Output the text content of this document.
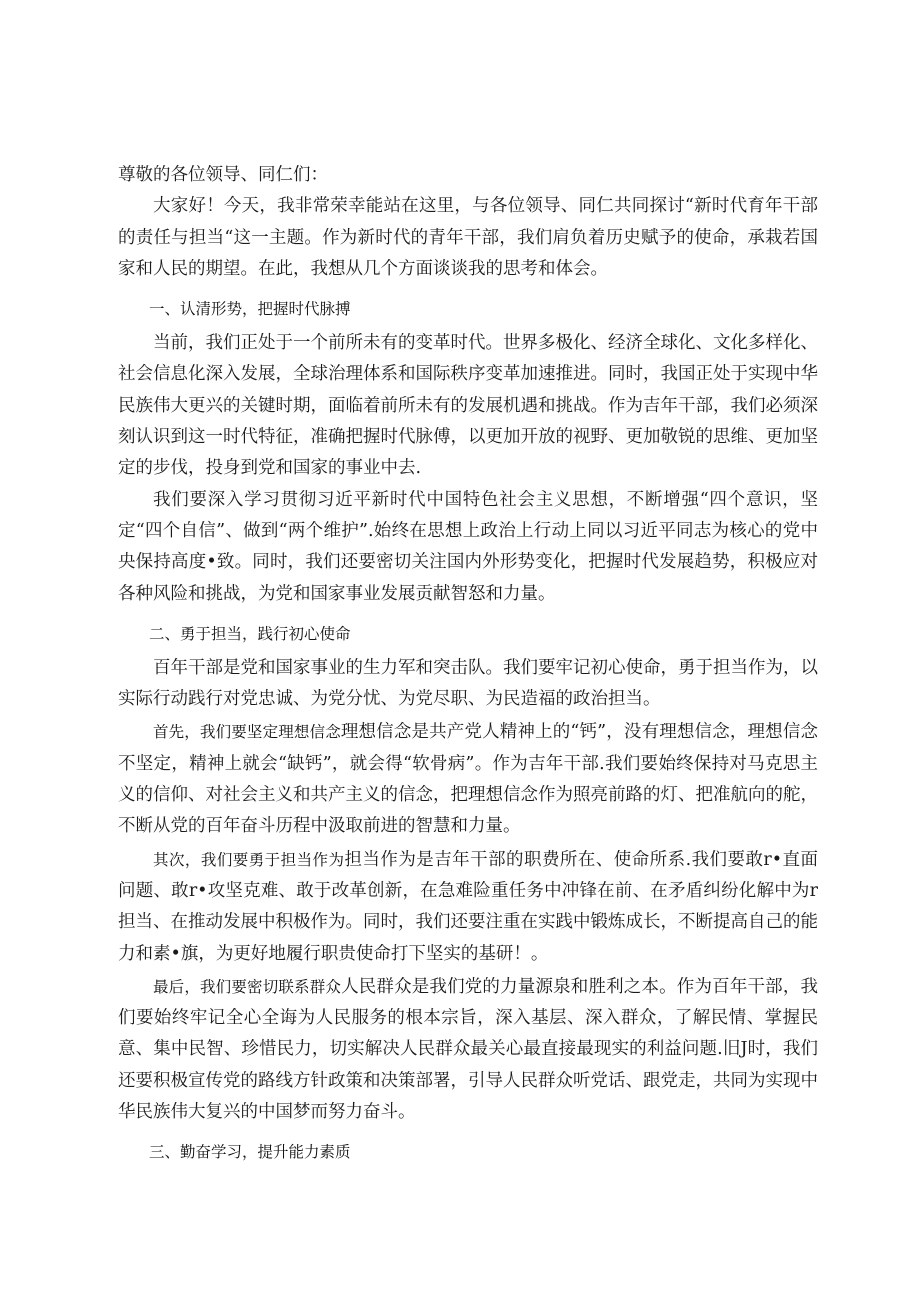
尊敬的各位领导、同仁们：

大家好！今天，我非常荣幸能站在这里，与各位领导、同仁共同探讨“新时代育年干部的责任与担当“这一主题。作为新时代的青年干部，我们肩负着历史赋予的使命，承栽若国家和人民的期望。在此，我想从几个方面谈谈我的思考和体会。

一、认清形势，把握时代脉搏

当前，我们正处于一个前所未有的变革时代。世界多极化、经济全球化、文化多样化、社会信息化深入发展，全球治理体系和国际秩序变革加速推进。同时，我国正处于实现中华民族伟大更兴的关键时期，面临着前所未有的发展机遇和挑战。作为吉年干部，我们必须深刻认识到这一时代特征，准确把握时代脉傅，以更加开放的视野、更加敬锐的思维、更加坚定的步伐，投身到党和国家的事业中去.

我们要深入学习贯彻习近平新时代中国特色社会主义思想，不断增强“四个意识，坚定“四个自信”、做到“两个维护”.始终在思想上政治上行动上同以习近平同志为核心的党中央保持高度•致。同时，我们还要密切关注国内外形势变化，把握时代发展趋势，积极应对各种风险和挑战，为党和国家事业发展贡献智怒和力量。

二、勇于担当，践行初心使命

百年干部是党和国家事业的生力军和突击队。我们要牢记初心使命，勇于担当作为，以实际行动践行对党忠诚、为党分忧、为党尽职、为民造福的政治担当。

首先，我们要坚定理想信念理想信念是共产党人精神上的“钙”，没有理想信念，理想信念不坚定，精神上就会“缺钙”，就会得“软骨病”。作为吉年干部.我们要始终保持对马克思主义的信仰、对社会主义和共产主义的信念，把理想信念作为照亮前路的灯、把准航向的舵，不断从党的百年奋斗历程中汲取前进的智慧和力量。

其次，我们要勇于担当作为担当作为是吉年干部的职费所在、使命所系.我们要敢r•直面问题、敢r•攻坚克难、敢于改革创新，在急难险重任务中冲锋在前、在矛盾纠纷化解中为r担当、在推动发展中积极作为。同时，我们还要注重在实践中锻炼成长，不断提高自己的能力和素•旗，为更好地履行职贵使命打下坚实的基研！。

最后，我们要密切联系群众人民群众是我们党的力量源泉和胜利之本。作为百年干部，我们要始终牢记全心全诲为人民服务的根本宗旨，深入基层、深入群众，了解民情、掌握民意、集中民智、珍惜民力，切实解决人民群众最关心最直接最现实的利益问题.旧J时，我们还要积极宣传党的路线方针政策和决策部署，引导人民群众听党话、跟党走，共同为实现中华民族伟大复兴的中国梦而努力奋斗。

三、勤奋学习，提升能力素质
